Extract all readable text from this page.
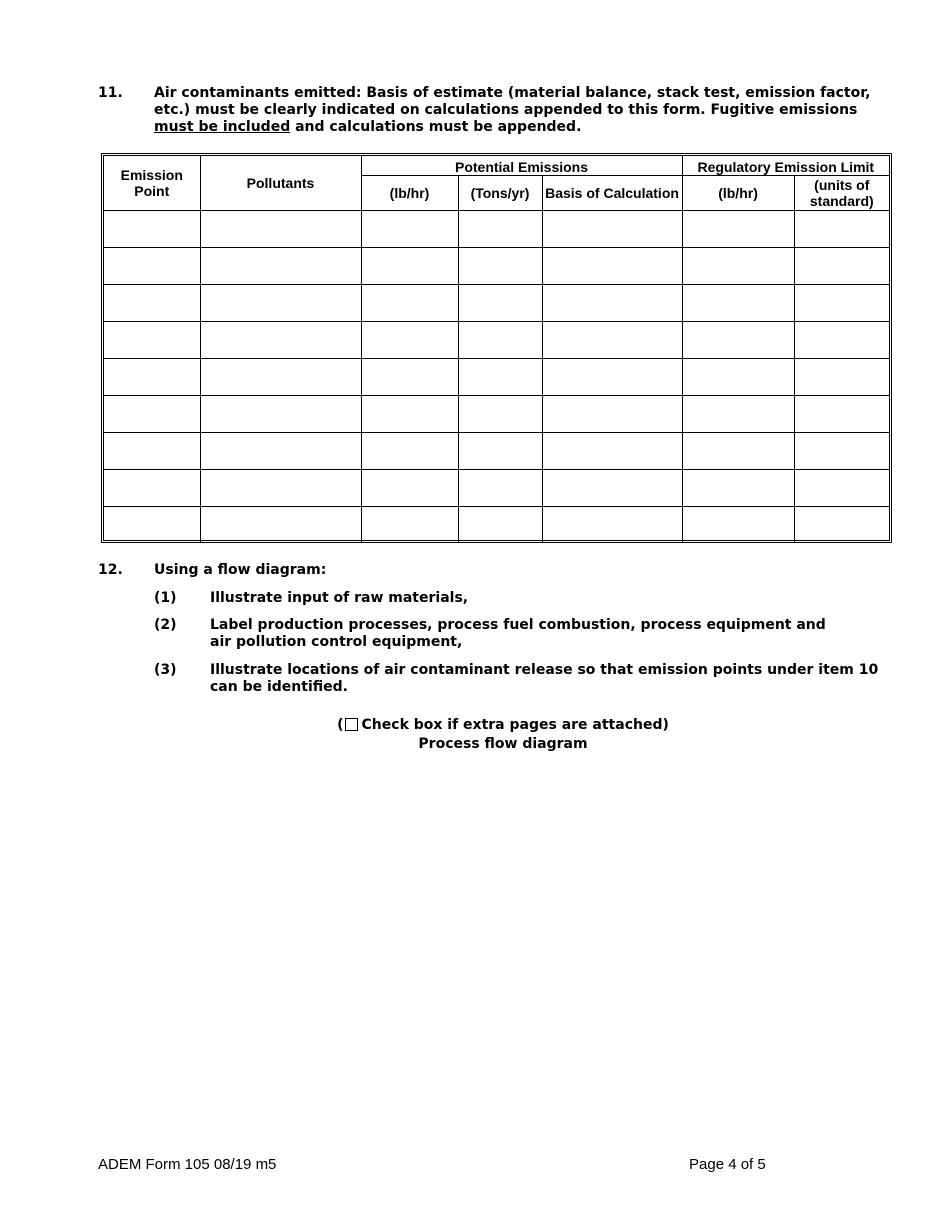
11. Air contaminants emitted: Basis of estimate (material balance, stack test, emission factor, etc.) must be clearly indicated on calculations appended to this form. Fugitive emissions must be included and calculations must be appended.
Emission Point	Pollutants	Potential Emissions			Regulatory Emission Limit	
		(lb/hr)	(Tons/yr)	Basis of Calculation	(lb/hr)	(units of standard)

12. Using a flow diagram:
(1) Illustrate input of raw materials,
(2) Label production processes, process fuel combustion, process equipment and air pollution control equipment,
(3) Illustrate locations of air contaminant release so that emission points under item 10 can be identified.
( Check box if extra pages are attached)
Process flow diagram
ADEM Form 105 08/19 m5	Page 4 of 5
